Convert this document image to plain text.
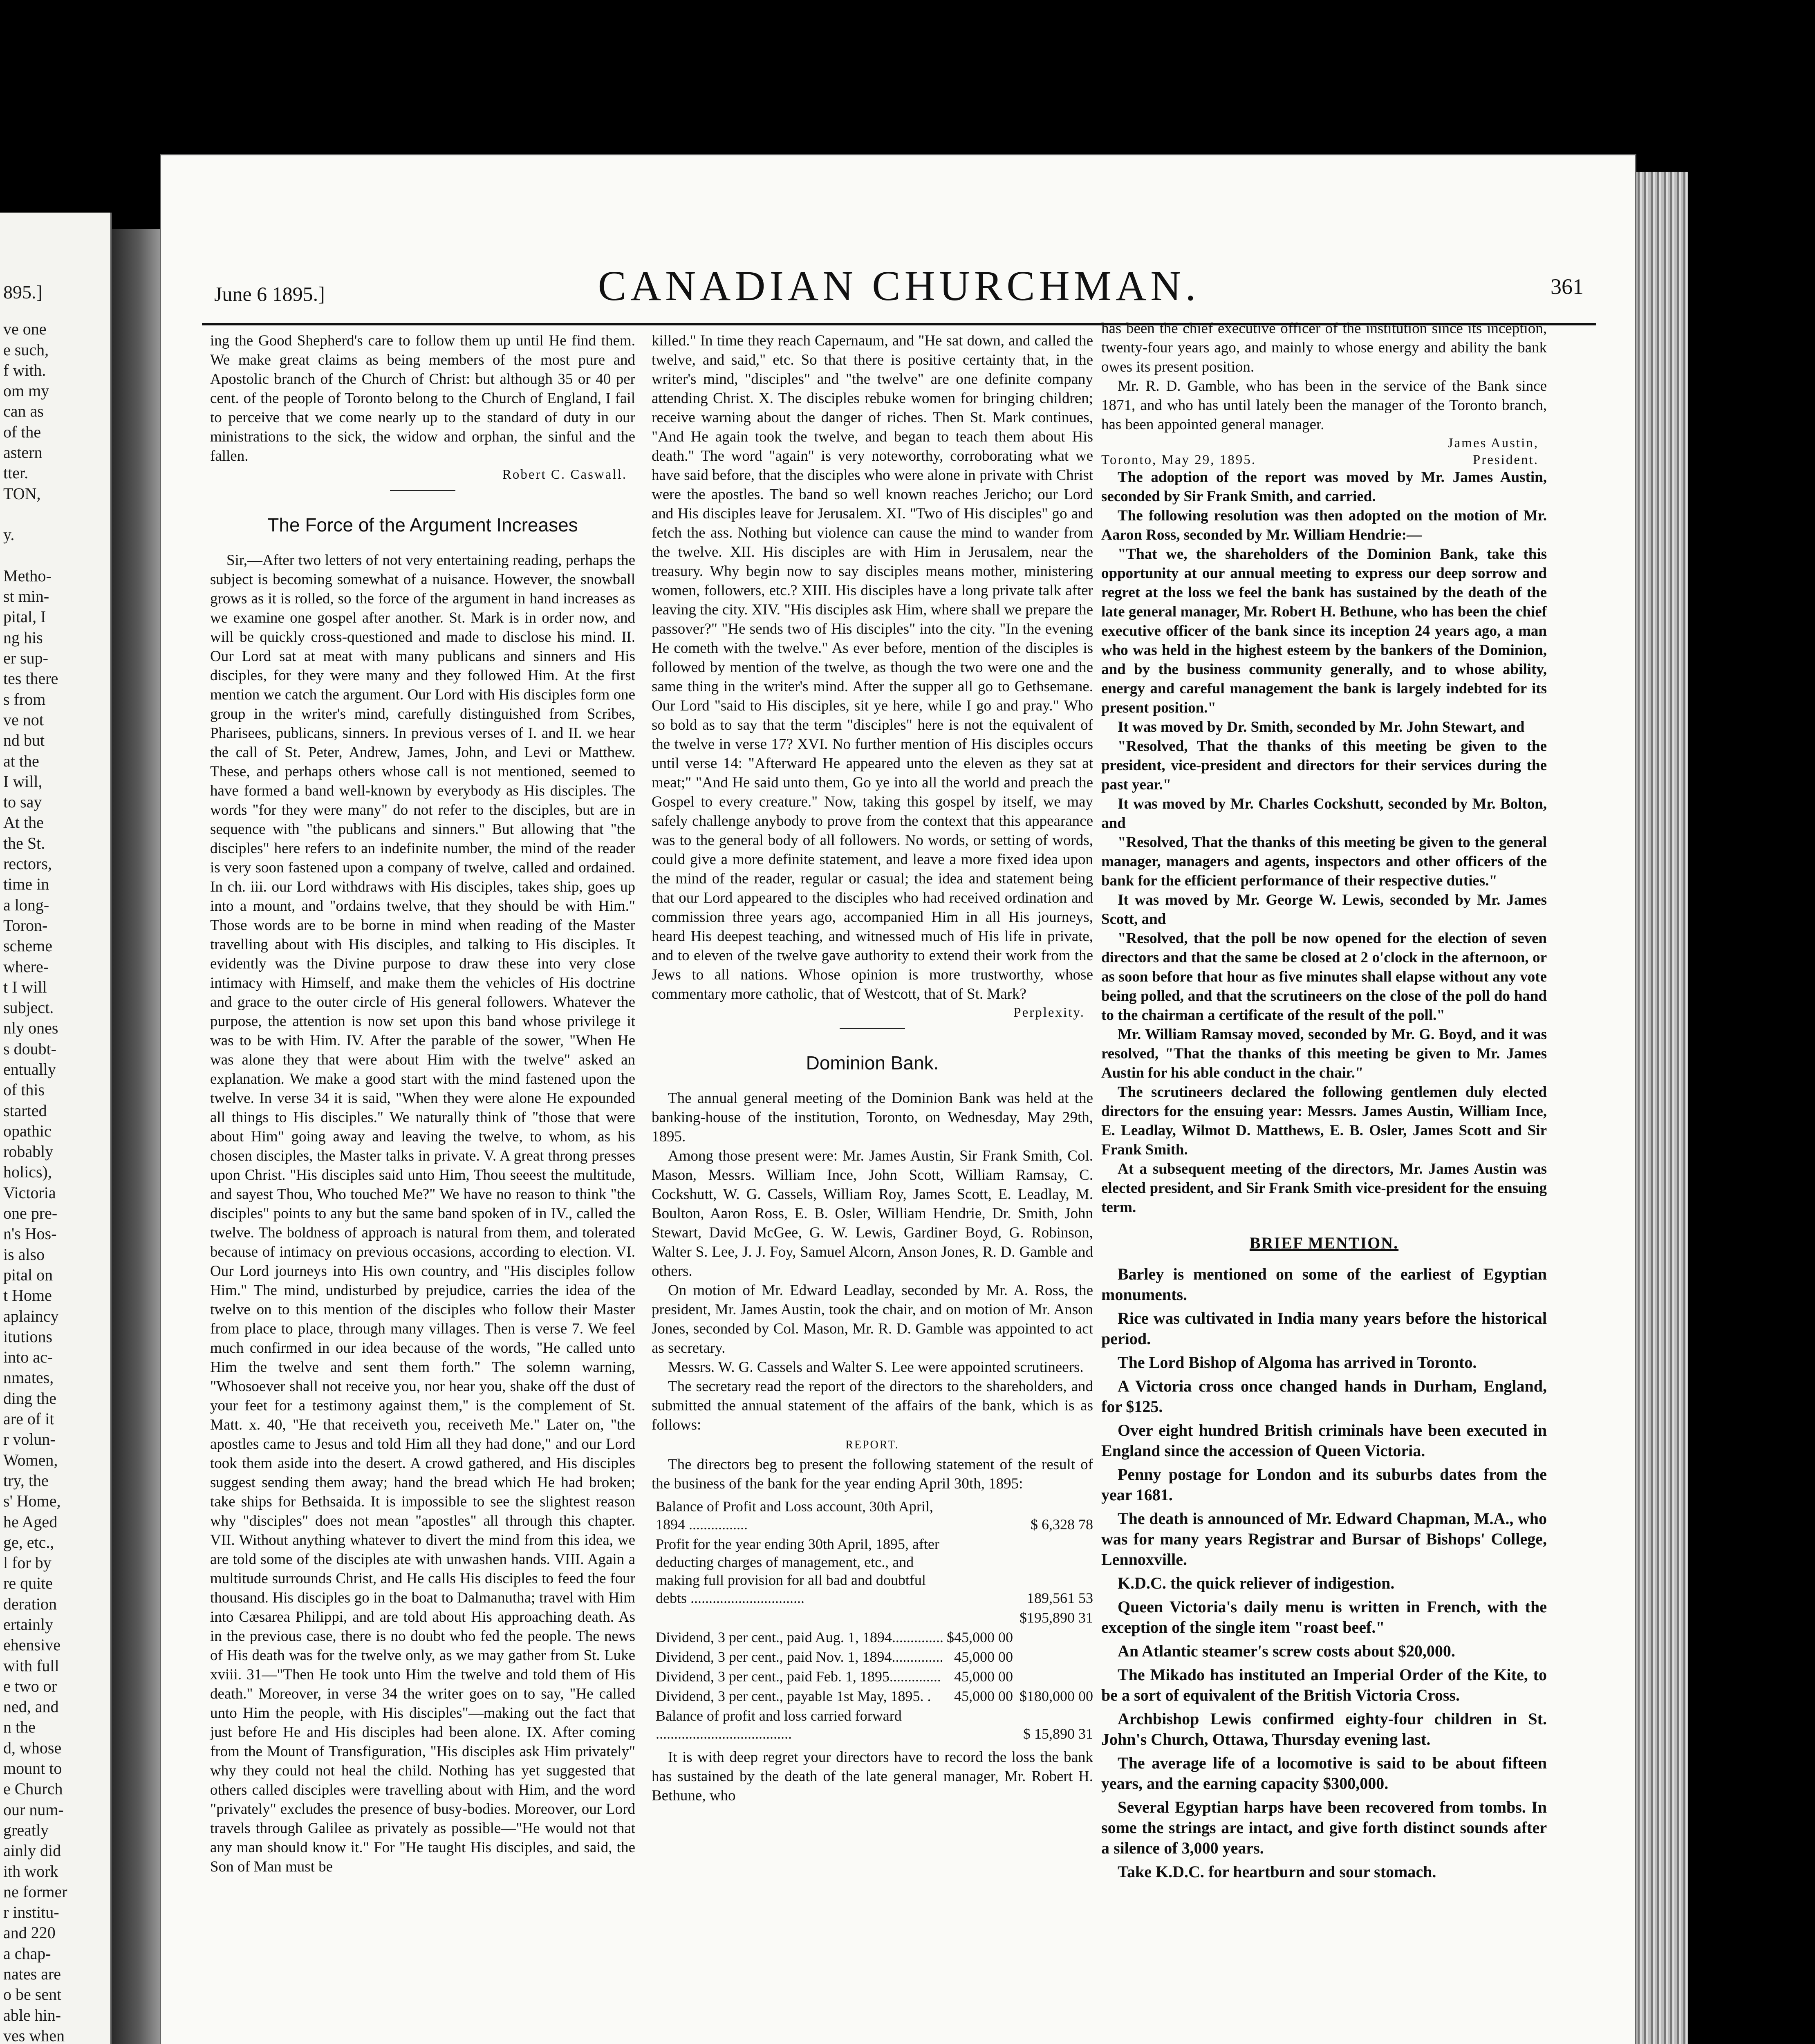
895.]
ve one
e such,
f with.
om my
can as
of the
astern
tter.
TON,

y.

Metho-
st min-
pital, I
ng his
er sup-
tes there
s from
ve not
nd but
at the
I will,
to say
At the
the St.
rectors,
time in
a long-
Toron-
scheme
where-
t I will
subject.
nly ones
s doubt-
entually
of this
started
opathic
robably
holics),
Victoria
one pre-
n's Hos-
is also
pital on
t Home
aplaincy
itutions
into ac-
nmates,
ding the
are of it
r volun-
Women,
try, the
s' Home,
he Aged
ge, etc.,
l for by
re quite
deration
ertainly
ehensive
with full
e two or
ned, and
n the
d, whose
mount to
e Church
our num-
greatly
ainly did
ith work
ne former
r institu-
and 220
a chap-
nates are
o be sent
able hin-
ves when
June 6 1895.]	CANADIAN CHURCHMAN.	361

ing the Good Shepherd's care to follow them up until He find them. We make great claims as being members of the most pure and Apostolic branch of the Church of Christ: but although 35 or 40 per cent. of the people of Toronto belong to the Church of England, I fail to perceive that we come nearly up to the standard of duty in our ministrations to the sick, the widow and orphan, the sinful and the fallen.

Robert C. Caswall.
The Force of the Argument Increases

Sir,—After two letters of not very entertaining reading, perhaps the subject is becoming somewhat of a nuisance. However, the snowball grows as it is rolled, so the force of the argument in hand increases as we examine one gospel after another. St. Mark is in order now, and will be quickly cross-questioned and made to disclose his mind. II. Our Lord sat at meat with many publicans and sinners and His disciples, for they were many and they followed Him. At the first mention we catch the argument. Our Lord with His disciples form one group in the writer's mind, carefully distinguished from Scribes, Pharisees, publicans, sinners. In previous verses of I. and II. we hear the call of St. Peter, Andrew, James, John, and Levi or Matthew. These, and perhaps others whose call is not mentioned, seemed to have formed a band well-known by everybody as His disciples. The words "for they were many" do not refer to the disciples, but are in sequence with "the publicans and sinners." But allowing that "the disciples" here refers to an indefinite number, the mind of the reader is very soon fastened upon a company of twelve, called and ordained. In ch. iii. our Lord withdraws with His disciples, takes ship, goes up into a mount, and "ordains twelve, that they should be with Him." Those words are to be borne in mind when reading of the Master travelling about with His disciples, and talking to His disciples. It evidently was the Divine purpose to draw these into very close intimacy with Himself, and make them the vehicles of His doctrine and grace to the outer circle of His general followers. Whatever the purpose, the attention is now set upon this band whose privilege it was to be with Him. IV. After the parable of the sower, "When He was alone they that were about Him with the twelve" asked an explanation. We make a good start with the mind fastened upon the twelve. In verse 34 it is said, "When they were alone He expounded all things to His disciples." We naturally think of "those that were about Him" going away and leaving the twelve, to whom, as his chosen disciples, the Master talks in private. V. A great throng presses upon Christ. "His disciples said unto Him, Thou seeest the multitude, and sayest Thou, Who touched Me?" We have no reason to think "the disciples" points to any but the same band spoken of in IV., called the twelve. The boldness of approach is natural from them, and tolerated because of intimacy on previous occasions, according to election. VI. Our Lord journeys into His own country, and "His disciples follow Him." The mind, undisturbed by prejudice, carries the idea of the twelve on to this mention of the disciples who follow their Master from place to place, through many villages. Then is verse 7. We feel much confirmed in our idea because of the words, "He called unto Him the twelve and sent them forth." The solemn warning, "Whosoever shall not receive you, nor hear you, shake off the dust of your feet for a testimony against them," is the complement of St. Matt. x. 40, "He that receiveth you, receiveth Me." Later on, "the apostles came to Jesus and told Him all they had done," and our Lord took them aside into the desert. A crowd gathered, and His disciples suggest sending them away; hand the bread which He had broken; take ships for Bethsaida. It is impossible to see the slightest reason why "disciples" does not mean "apostles" all through this chapter. VII. Without anything whatever to divert the mind from this idea, we are told some of the disciples ate with unwashen hands. VIII. Again a multitude surrounds Christ, and He calls His disciples to feed the four thousand. His disciples go in the boat to Dalmanutha; travel with Him into Cæsarea Philippi, and are told about His approaching death. As in the previous case, there is no doubt who fed the people. The news of His death was for the twelve only, as we may gather from St. Luke xviii. 31—"Then He took unto Him the twelve and told them of His death." Moreover, in verse 34 the writer goes on to say, "He called unto Him the people, with His disciples"—making out the fact that just before He and His disciples had been alone. IX. After coming from the Mount of Transfiguration, "His disciples ask Him privately" why they could not heal the child. Nothing has yet suggested that others called disciples were travelling about with Him, and the word "privately" excludes the presence of busy-bodies. Moreover, our Lord travels through Galilee as privately as possible—"He would not that any man should know it." For "He taught His disciples, and said, the Son of Man must be

killed." In time they reach Capernaum, and "He sat down, and called the twelve, and said," etc. So that there is positive certainty that, in the writer's mind, "disciples" and "the twelve" are one definite company attending Christ. X. The disciples rebuke women for bringing children; receive warning about the danger of riches. Then St. Mark continues, "And He again took the twelve, and began to teach them about His death." The word "again" is very noteworthy, corroborating what we have said before, that the disciples who were alone in private with Christ were the apostles. The band so well known reaches Jericho; our Lord and His disciples leave for Jerusalem. XI. "Two of His disciples" go and fetch the ass. Nothing but violence can cause the mind to wander from the twelve. XII. His disciples are with Him in Jerusalem, near the treasury. Why begin now to say disciples means mother, ministering women, followers, etc.? XIII. His disciples have a long private talk after leaving the city. XIV. "His disciples ask Him, where shall we prepare the passover?" "He sends two of His disciples" into the city. "In the evening He cometh with the twelve." As ever before, mention of the disciples is followed by mention of the twelve, as though the two were one and the same thing in the writer's mind. After the supper all go to Gethsemane. Our Lord "said to His disciples, sit ye here, while I go and pray." Who so bold as to say that the term "disciples" here is not the equivalent of the twelve in verse 17? XVI. No further mention of His disciples occurs until verse 14: "Afterward He appeared unto the eleven as they sat at meat;" "And He said unto them, Go ye into all the world and preach the Gospel to every creature." Now, taking this gospel by itself, we may safely challenge anybody to prove from the context that this appearance was to the general body of all followers. No words, or setting of words, could give a more definite statement, and leave a more fixed idea upon the mind of the reader, regular or casual; the idea and statement being that our Lord appeared to the disciples who had received ordination and commission three years ago, accompanied Him in all His journeys, heard His deepest teaching, and witnessed much of His life in private, and to eleven of the twelve gave authority to extend their work from the Jews to all nations. Whose opinion is more trustworthy, whose commentary more catholic, that of Westcott, that of St. Mark?

Perplexity.
Dominion Bank.

The annual general meeting of the Dominion Bank was held at the banking-house of the institution, Toronto, on Wednesday, May 29th, 1895.

Among those present were: Mr. James Austin, Sir Frank Smith, Col. Mason, Messrs. William Ince, John Scott, William Ramsay, C. Cockshutt, W. G. Cassels, William Roy, James Scott, E. Leadlay, M. Boulton, Aaron Ross, E. B. Osler, William Hendrie, Dr. Smith, John Stewart, David McGee, G. W. Lewis, Gardiner Boyd, G. Robinson, Walter S. Lee, J. J. Foy, Samuel Alcorn, Anson Jones, R. D. Gamble and others.

On motion of Mr. Edward Leadlay, seconded by Mr. A. Ross, the president, Mr. James Austin, took the chair, and on motion of Mr. Anson Jones, seconded by Col. Mason, Mr. R. D. Gamble was appointed to act as secretary.

Messrs. W. G. Cassels and Walter S. Lee were appointed scrutineers.

The secretary read the report of the directors to the shareholders, and submitted the annual statement of the affairs of the bank, which is as follows:

REPORT.

The directors beg to present the following statement of the result of the business of the bank for the year ending April 30th, 1895:

Balance of Profit and Loss account, 30th April, 1894 ................		$ 6,328 78
Profit for the year ending 30th April, 1895, after deducting charges of management, etc., and making full provision for all bad and doubtful debts ...............................		189,561 53
		$195,890 31
Dividend, 3 per cent., paid Aug. 1, 1894..............	$45,000 00	
Dividend, 3 per cent., paid Nov. 1, 1894..............	45,000 00	
Dividend, 3 per cent., paid Feb. 1, 1895..............	45,000 00	
Dividend, 3 per cent., payable 1st May, 1895. .	45,000 00	$180,000 00
Balance of profit and loss carried forward .....................................		$ 15,890 31

It is with deep regret your directors have to record the loss the bank has sustained by the death of the late general manager, Mr. Robert H. Bethune, who

has been the chief executive officer of the institution since its inception, twenty-four years ago, and mainly to whose energy and ability the bank owes its present position.

Mr. R. D. Gamble, who has been in the service of the Bank since 1871, and who has until lately been the manager of the Toronto branch, has been appointed general manager.

James Austin,
Toronto, May 29, 1895.	President.

The adoption of the report was moved by Mr. James Austin, seconded by Sir Frank Smith, and carried.

The following resolution was then adopted on the motion of Mr. Aaron Ross, seconded by Mr. William Hendrie:—

"That we, the shareholders of the Dominion Bank, take this opportunity at our annual meeting to express our deep sorrow and regret at the loss we feel the bank has sustained by the death of the late general manager, Mr. Robert H. Bethune, who has been the chief executive officer of the bank since its inception 24 years ago, a man who was held in the highest esteem by the bankers of the Dominion, and by the business community generally, and to whose ability, energy and careful management the bank is largely indebted for its present position."

It was moved by Dr. Smith, seconded by Mr. John Stewart, and

"Resolved, That the thanks of this meeting be given to the president, vice-president and directors for their services during the past year."

It was moved by Mr. Charles Cockshutt, seconded by Mr. Bolton, and

"Resolved, That the thanks of this meeting be given to the general manager, managers and agents, inspectors and other officers of the bank for the efficient performance of their respective duties."

It was moved by Mr. George W. Lewis, seconded by Mr. James Scott, and

"Resolved, that the poll be now opened for the election of seven directors and that the same be closed at 2 o'clock in the afternoon, or as soon before that hour as five minutes shall elapse without any vote being polled, and that the scrutineers on the close of the poll do hand to the chairman a certificate of the result of the poll."

Mr. William Ramsay moved, seconded by Mr. G. Boyd, and it was resolved, "That the thanks of this meeting be given to Mr. James Austin for his able conduct in the chair."

The scrutineers declared the following gentlemen duly elected directors for the ensuing year: Messrs. James Austin, William Ince, E. Leadlay, Wilmot D. Matthews, E. B. Osler, James Scott and Sir Frank Smith.

At a subsequent meeting of the directors, Mr. James Austin was elected president, and Sir Frank Smith vice-president for the ensuing term.

BRIEF MENTION.

Barley is mentioned on some of the earliest of Egyptian monuments.

Rice was cultivated in India many years before the historical period.

The Lord Bishop of Algoma has arrived in Toronto.

A Victoria cross once changed hands in Durham, England, for $125.

Over eight hundred British criminals have been executed in England since the accession of Queen Victoria.

Penny postage for London and its suburbs dates from the year 1681.

The death is announced of Mr. Edward Chapman, M.A., who was for many years Registrar and Bursar of Bishops' College, Lennoxville.

K.D.C. the quick reliever of indigestion.

Queen Victoria's daily menu is written in French, with the exception of the single item "roast beef."

An Atlantic steamer's screw costs about $20,000.

The Mikado has instituted an Imperial Order of the Kite, to be a sort of equivalent of the British Victoria Cross.

Archbishop Lewis confirmed eighty-four children in St. John's Church, Ottawa, Thursday evening last.

The average life of a locomotive is said to be about fifteen years, and the earning capacity $300,000.

Several Egyptian harps have been recovered from tombs. In some the strings are intact, and give forth distinct sounds after a silence of 3,000 years.

Take K.D.C. for heartburn and sour stomach.
